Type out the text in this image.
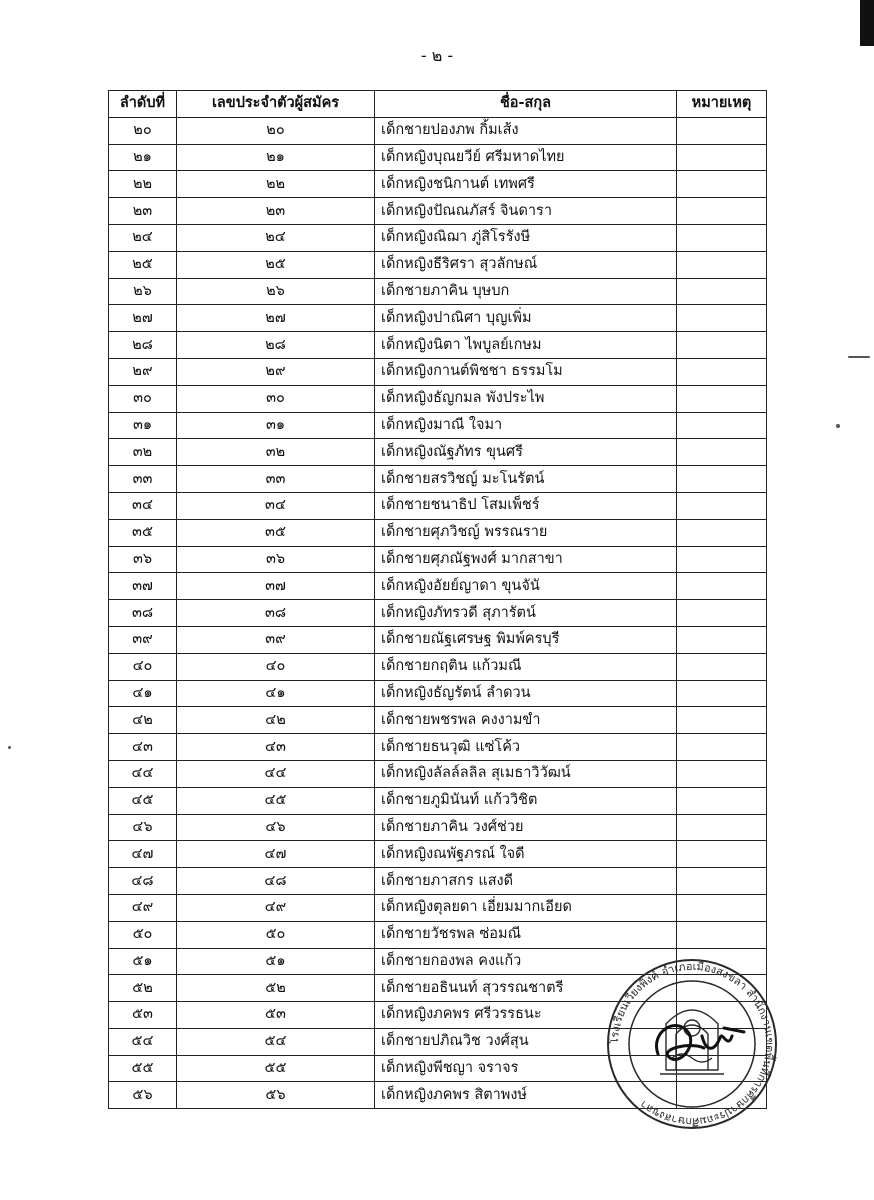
- ๒ -
ลำดับที่	เลขประจำตัวผู้สมัคร	ชื่อ-สกุล	หมายเหตุ
๒๐	๒๐	เด็กชายปองภพ กิ้มเส้ง	
๒๑	๒๑	เด็กหญิงบุณยวีย์ ศรีมหาดไทย	
๒๒	๒๒	เด็กหญิงชนิกานต์ เทพศรี	
๒๓	๒๓	เด็กหญิงปัณณภัสร์ จินดารา	
๒๔	๒๔	เด็กหญิงณิฌา ภู่สิโรรังษี	
๒๕	๒๕	เด็กหญิงธีริศรา สุวลักษณ์	
๒๖	๒๖	เด็กชายภาคิน บุษบก	
๒๗	๒๗	เด็กหญิงปาณิศา บุญเพิ่ม	
๒๘	๒๘	เด็กหญิงนิตา ไพบูลย์เกษม	
๒๙	๒๙	เด็กหญิงกานต์พิชชา ธรรมโม	
๓๐	๓๐	เด็กหญิงธัญกมล พังประไพ	
๓๑	๓๑	เด็กหญิงมาณี ใจมา	
๓๒	๓๒	เด็กหญิงณัฐภัทร ขุนศรี	
๓๓	๓๓	เด็กชายสรวิชญ์ มะโนรัตน์	
๓๔	๓๔	เด็กชายชนาธิป โสมเพ็ชร์	
๓๕	๓๕	เด็กชายศุภวิชญ์ พรรณราย	
๓๖	๓๖	เด็กชายศุภณัฐพงศ์ มากสาขา	
๓๗	๓๗	เด็กหญิงอัยย์ญาดา ขุนจันั	
๓๘	๓๘	เด็กหญิงภัทรวดี สุภารัตน์	
๓๙	๓๙	เด็กชายณัฐเศรษฐ พิมพ์ครบุรี	
๔๐	๔๐	เด็กชายกฤติน แก้วมณี	
๔๑	๔๑	เด็กหญิงธัญรัตน์ ลำดวน	
๔๒	๔๒	เด็กชายพชรพล คงงามขำ	
๔๓	๔๓	เด็กชายธนวุฒิ แซ่โค้ว	
๔๔	๔๔	เด็กหญิงลัลล์ลลิล สุเมธาวิวัฒน์	
๔๕	๔๕	เด็กชายภูมินันท์ แก้ววิชิต	
๔๖	๔๖	เด็กชายภาคิน วงศ์ช่วย	
๔๗	๔๗	เด็กหญิงณพัฐภรณ์ ใจดี	
๔๘	๔๘	เด็กชายภาสกร แสงดี	
๔๙	๔๙	เด็กหญิงตุลยดา เอี่ยมมากเอียด	
๕๐	๕๐	เด็กชายวัชรพล ซ่อมณี	
๕๑	๕๑	เด็กชายกองพล คงแก้ว	
๕๒	๕๒	เด็กชายอธินนท์ สุวรรณชาตรี	
๕๓	๕๓	เด็กหญิงภคพร ศรีวรรธนะ	
๕๔	๕๔	เด็กชายปภิณวิช วงศ์สุน	
๕๕	๕๕	เด็กหญิงพีชญา จราจร	
๕๖	๕๖	เด็กหญิงภคพร สิตาพงษ์	
โรงเรียนเวียงพิงค์ อำเภอเมืองสงขลา สำนักงานเขตพื้นที่การศึกษาประถมศึกษาสงขลา
